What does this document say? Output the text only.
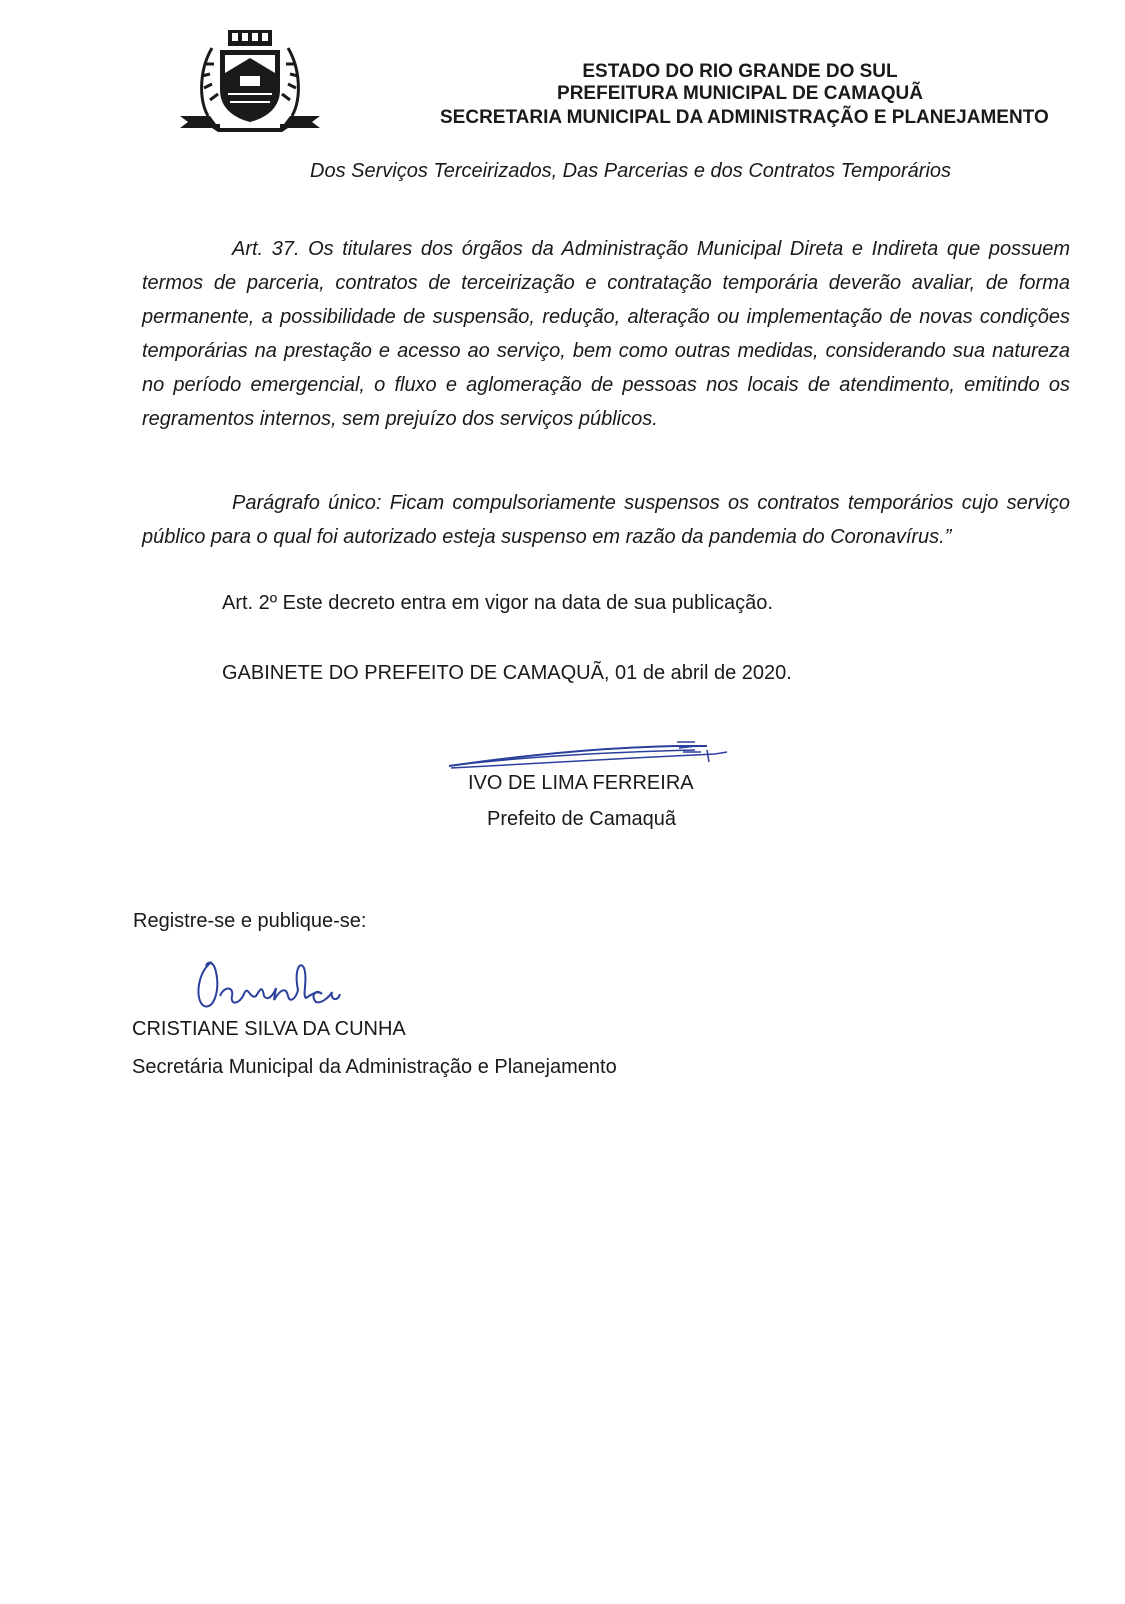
ESTADO DO RIO GRANDE DO SUL
PREFEITURA MUNICIPAL DE CAMAQUÃ
SECRETARIA MUNICIPAL DA ADMINISTRAÇÃO E PLANEJAMENTO
Dos Serviços Terceirizados, Das Parcerias e dos Contratos Temporários
Art. 37. Os titulares dos órgãos da Administração Municipal Direta e Indireta que possuem termos de parceria, contratos de terceirização e contratação temporária deverão avaliar, de forma permanente, a possibilidade de suspensão, redução, alteração ou implementação de novas condições temporárias na prestação e acesso ao serviço, bem como outras medidas, considerando sua natureza no período emergencial, o fluxo e aglomeração de pessoas nos locais de atendimento, emitindo os regramentos internos, sem prejuízo dos serviços públicos.
Parágrafo único: Ficam compulsoriamente suspensos os contratos temporários cujo serviço público para o qual foi autorizado esteja suspenso em razão da pandemia do Coronavírus.”
Art. 2º Este decreto entra em vigor na data de sua publicação.
GABINETE DO PREFEITO DE CAMAQUÃ, 01 de abril de 2020.
IVO DE LIMA FERREIRA
Prefeito de Camaquã
Registre-se e publique-se:
CRISTIANE SILVA DA CUNHA
Secretária Municipal da Administração e Planejamento
